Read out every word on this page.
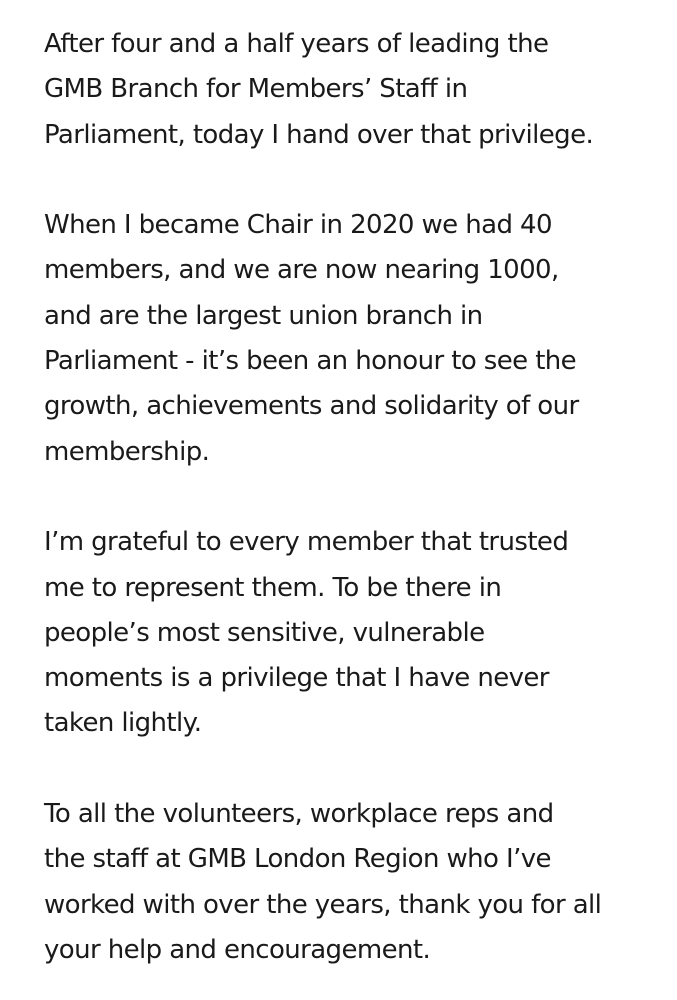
After four and a half years of leading the
GMB Branch for Members’ Staff in
Parliament, today I hand over that privilege.
When I became Chair in 2020 we had 40
members, and we are now nearing 1000,
and are the largest union branch in
Parliament - it’s been an honour to see the
growth, achievements and solidarity of our
membership.
I’m grateful to every member that trusted
me to represent them. To be there in
people’s most sensitive, vulnerable
moments is a privilege that I have never
taken lightly.
To all the volunteers, workplace reps and
the staff at GMB London Region who I’ve
worked with over the years, thank you for all
your help and encouragement.
